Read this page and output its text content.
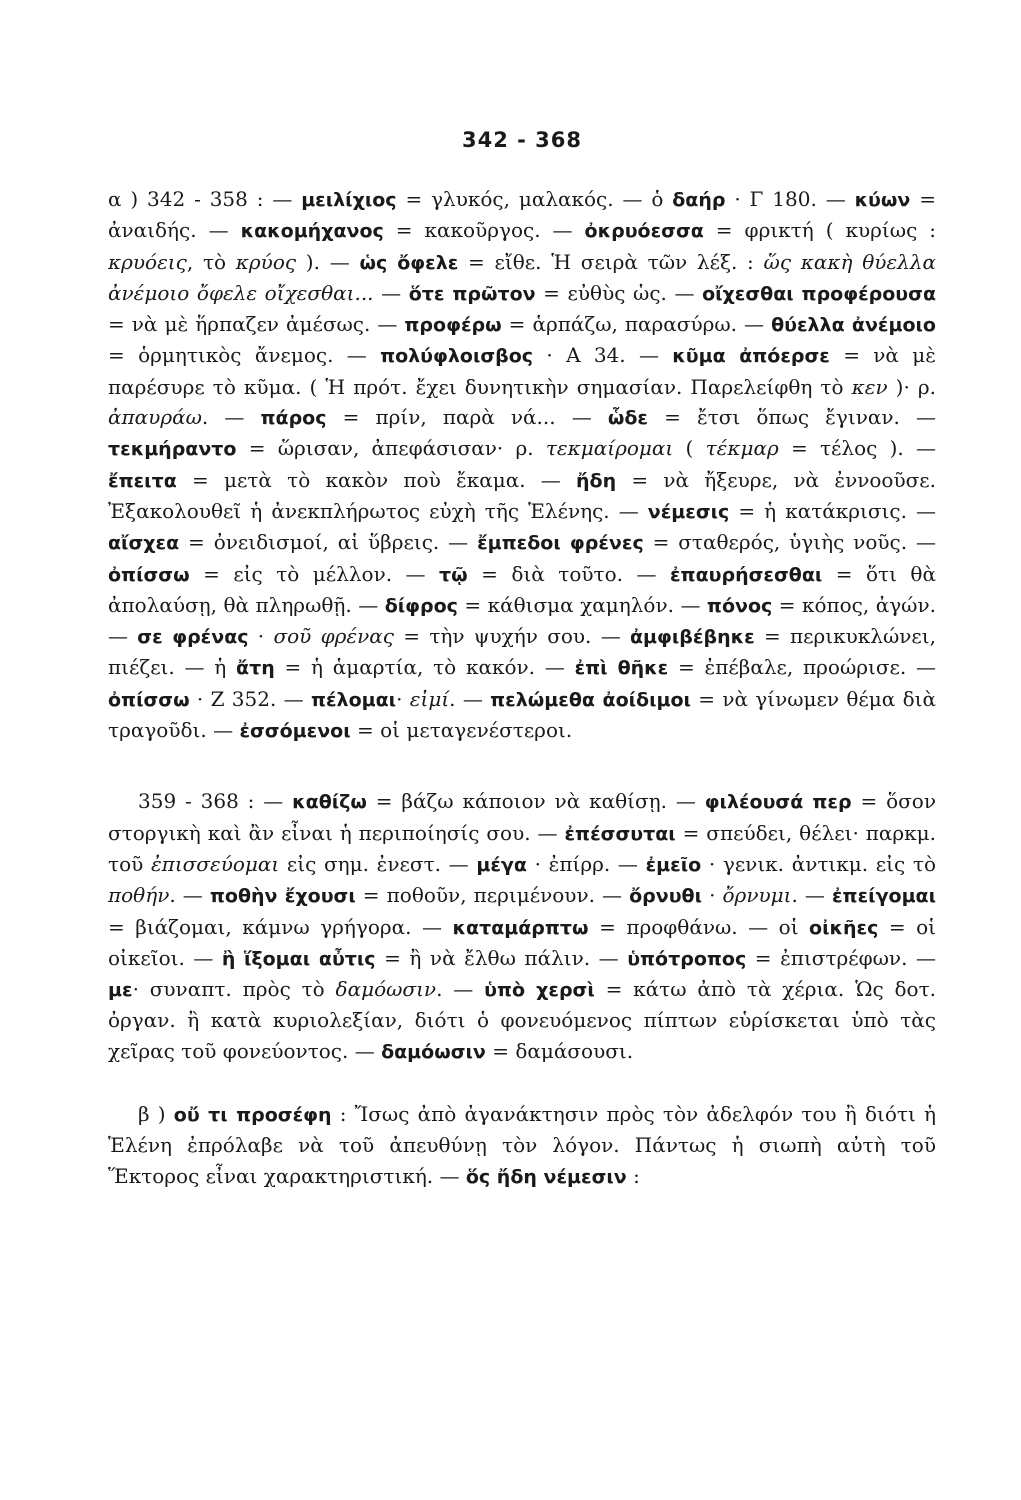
342 - 368

α ) 342 - 358 : — μειλίχιος = γλυκός, μαλακός. — ὁ δαήρ · Γ 180. — κύων = ἀναιδής. — κακομήχανος = κακοῦργος. — ὀκρυόεσσα = φρικτή ( κυρίως : κρυόεις, τὸ κρύος ). — ὡς ὄφελε = εἴθε. Ἡ σειρὰ τῶν λέξ. : ὥς κακὴ θύελλα ἀνέμοιο ὄφελε οἴχεσθαι... — ὅτε πρῶτον = εὐθὺς ὡς. — οἴχεσθαι προφέρουσα = νὰ μὲ ἥρπαζεν ἀμέσως. — προφέρω = ἁρπάζω, παρασύρω. — θύελλα ἀνέμοιο = ὁρμητικὸς ἄνεμος. — πολύφλοισβος · Α 34. — κῦμα ἀπόερσε = νὰ μὲ παρέσυρε τὸ κῦμα. ( Ἡ πρότ. ἔχει δυνητικὴν σημασίαν. Παρελείφθη τὸ κεν )· ρ. ἀπαυράω. — πάρος = πρίν, παρὰ νά... — ὧδε = ἔτσι ὅπως ἔγιναν. — τεκμήραντο = ὥρισαν, ἀπεφάσισαν· ρ. τεκμαίρομαι ( τέκμαρ = τέλος ). — ἔπειτα = μετὰ τὸ κακὸν ποὺ ἔκαμα. — ἤδη = νὰ ἤξευρε, νὰ ἐννοοῦσε. Ἐξακολουθεῖ ἡ ἀνεκπλήρωτος εὐχὴ τῆς Ἑλένης. — νέμεσις = ἡ κατάκρισις. — αἴσχεα = ὀνειδισμοί, αἱ ὕβρεις. — ἔμπεδοι φρένες = σταθερός, ὑγιὴς νοῦς. — ὀπίσσω = εἰς τὸ μέλλον. — τῷ = διὰ τοῦτο. — ἐπαυρήσεσθαι = ὅτι θὰ ἀπολαύσῃ, θὰ πληρωθῇ. — δίφρος = κάθισμα χαμηλόν. — πόνος = κόπος, ἀγών. — σε φρένας · σοῦ φρένας = τὴν ψυχήν σου. — ἀμφιβέβηκε = περικυκλώνει, πιέζει. — ἡ ἄτη = ἡ ἁμαρτία, τὸ κακόν. — ἐπὶ θῆκε = ἐπέβαλε, προώρισε. — ὀπίσσω · Ζ 352. — πέλομαι· εἰμί. — πελώμεθα ἀοίδιμοι = νὰ γίνωμεν θέμα διὰ τραγοῦδι. — ἐσσόμενοι = οἱ μεταγενέστεροι.

359 - 368 : — καθίζω = βάζω κάποιον νὰ καθίσῃ. — φιλέουσά περ = ὅσον στοργικὴ καὶ ἂν εἶναι ἡ περιποίησίς σου. — ἐπέσσυται = σπεύδει, θέλει· παρκμ. τοῦ ἐπισσεύομαι εἰς σημ. ἐνεστ. — μέγα · ἐπίρρ. — ἐμεῖο · γενικ. ἀντικμ. εἰς τὸ ποθήν. — ποθὴν ἔχουσι = ποθοῦν, περιμένουν. — ὄρνυθι · ὄρνυμι. — ἐπείγομαι = βιάζομαι, κάμνω γρήγορα. — καταμάρπτω = προφθάνω. — οἱ οἰκῆες = οἱ οἰκεῖοι. — ἢ ἵξομαι αὖτις = ἢ νὰ ἔλθω πάλιν. — ὑπότροπος = ἐπιστρέφων. — με· συναπτ. πρὸς τὸ δαμόωσιν. — ὑπὸ χερσὶ = κάτω ἀπὸ τὰ χέρια. Ὡς δοτ. ὀργαν. ἢ κατὰ κυριολεξίαν, διότι ὁ φονευόμενος πίπτων εὑρίσκεται ὑπὸ τὰς χεῖρας τοῦ φονεύοντος. — δαμόωσιν = δαμάσουσι.

β ) οὔ τι προσέφη : Ἴσως ἀπὸ ἀγανάκτησιν πρὸς τὸν ἀδελφόν του ἢ διότι ἡ Ἑλένη ἐπρόλαβε νὰ τοῦ ἀπευθύνῃ τὸν λόγον. Πάντως ἡ σιωπὴ αὐτὴ τοῦ Ἕκτορος εἶναι χαρακτηριστική. — ὅς ἤδη νέμεσιν :
